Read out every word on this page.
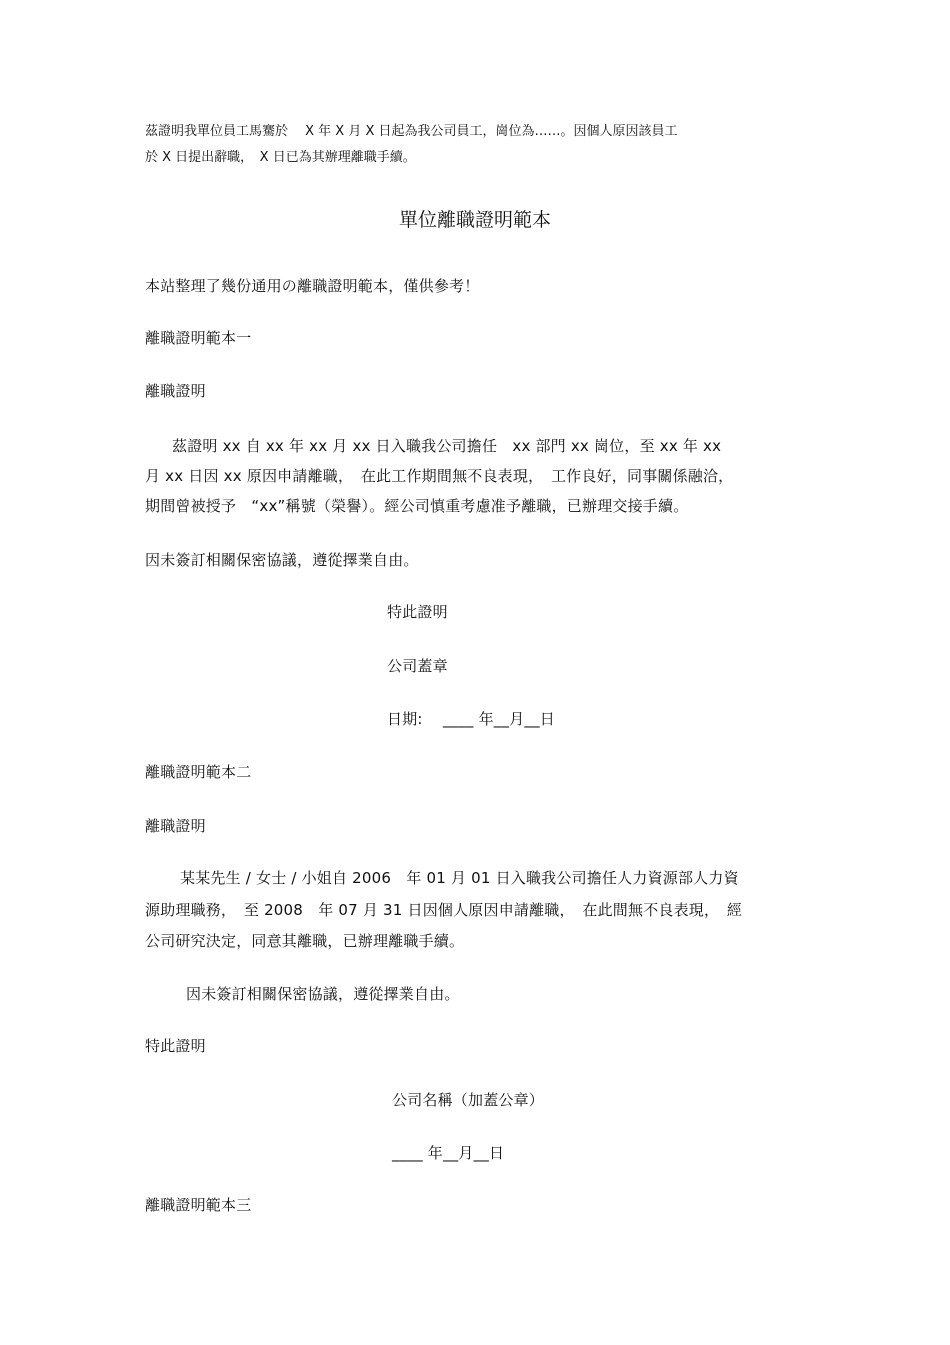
茲證明我單位員工馬騫於　 X 年 X 月 X 日起為我公司員工，崗位為……。因個人原因該員工
於 X 日提出辭職，　X 日已為其辦理離職手續。
單位離職證明範本
本站整理了幾份通用の離職證明範本，僅供參考！
離職證明範本一
離職證明
茲證明 xx 自 xx 年 xx 月 xx 日入職我公司擔任　xx 部門 xx 崗位，至 xx 年 xx
月 xx 日因 xx 原因申請離職，　在此工作期間無不良表現，　工作良好，同事關係融洽，
期間曾被授予　“xx”稱號（榮譽）。經公司慎重考慮准予離職，已辦理交接手續。
因未簽訂相關保密協議，遵從擇業自由。
特此證明
公司蓋章
日期:　 ____ 年__月__日
離職證明範本二
離職證明
某某先生 / 女士 / 小姐自 2006　年 01 月 01 日入職我公司擔任人力資源部人力資
源助理職務，　至 2008　年 07 月 31 日因個人原因申請離職，　在此間無不良表現，　經
公司研究決定，同意其離職，已辦理離職手續。
因未簽訂相關保密協議，遵從擇業自由。
特此證明
公司名稱（加蓋公章）
____ 年__月__日
離職證明範本三
